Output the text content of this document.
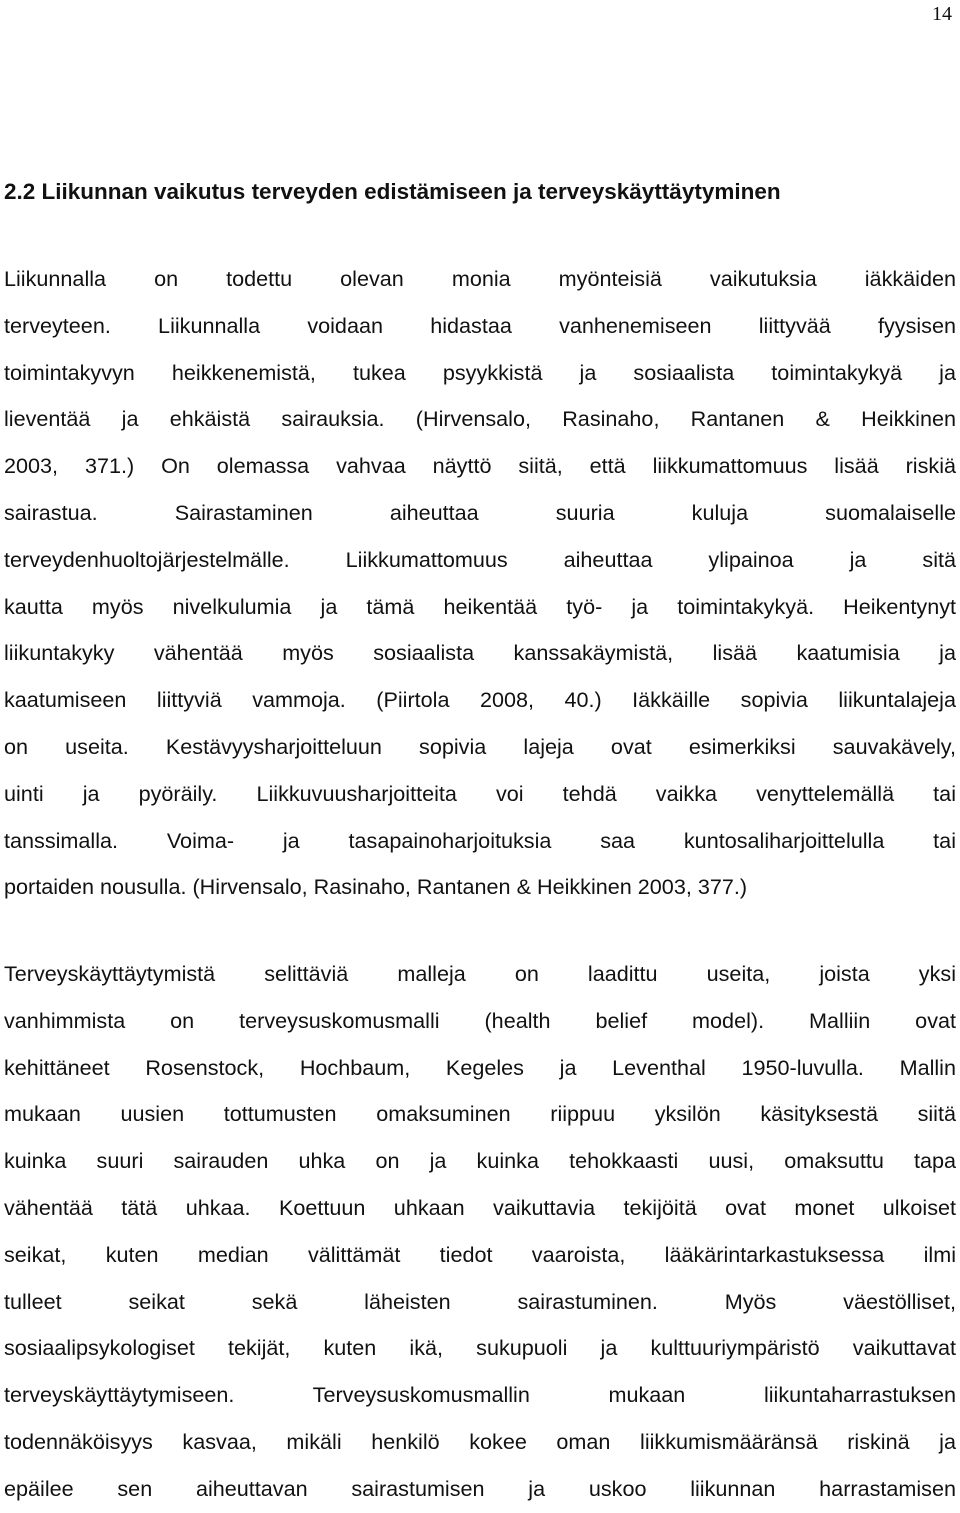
14
2.2 Liikunnan vaikutus terveyden edistämiseen ja terveyskäyttäytyminen
Liikunnalla on todettu olevan monia myönteisiä vaikutuksia iäkkäiden
terveyteen. Liikunnalla voidaan hidastaa vanhenemiseen liittyvää fyysisen
toimintakyvyn heikkenemistä, tukea psyykkistä ja sosiaalista toimintakykyä ja
lieventää ja ehkäistä sairauksia. (Hirvensalo, Rasinaho, Rantanen & Heikkinen
2003, 371.) On olemassa vahvaa näyttö siitä, että liikkumattomuus lisää riskiä
sairastua. Sairastaminen aiheuttaa suuria kuluja suomalaiselle
terveydenhuoltojärjestelmälle. Liikkumattomuus aiheuttaa ylipainoa ja sitä
kautta myös nivelkulumia ja tämä heikentää työ- ja toimintakykyä. Heikentynyt
liikuntakyky vähentää myös sosiaalista kanssakäymistä, lisää kaatumisia ja
kaatumiseen liittyviä vammoja. (Piirtola 2008, 40.) Iäkkäille sopivia liikuntalajeja
on useita. Kestävyysharjoitteluun sopivia lajeja ovat esimerkiksi sauvakävely,
uinti ja pyöräily. Liikkuvuusharjoitteita voi tehdä vaikka venyttelemällä tai
tanssimalla. Voima- ja tasapainoharjoituksia saa kuntosaliharjoittelulla tai
portaiden nousulla. (Hirvensalo, Rasinaho, Rantanen & Heikkinen 2003, 377.)
Terveyskäyttäytymistä selittäviä malleja on laadittu useita, joista yksi
vanhimmista on terveysuskomusmalli (health belief model). Malliin ovat
kehittäneet Rosenstock, Hochbaum, Kegeles ja Leventhal 1950-luvulla. Mallin
mukaan uusien tottumusten omaksuminen riippuu yksilön käsityksestä siitä
kuinka suuri sairauden uhka on ja kuinka tehokkaasti uusi, omaksuttu tapa
vähentää tätä uhkaa. Koettuun uhkaan vaikuttavia tekijöitä ovat monet ulkoiset
seikat, kuten median välittämät tiedot vaaroista, lääkärintarkastuksessa ilmi
tulleet seikat sekä läheisten sairastuminen. Myös väestölliset,
sosiaalipsykologiset tekijät, kuten ikä, sukupuoli ja kulttuuriympäristö vaikuttavat
terveyskäyttäytymiseen. Terveysuskomusmallin mukaan liikuntaharrastuksen
todennäköisyys kasvaa, mikäli henkilö kokee oman liikkumismääränsä riskinä ja
epäilee sen aiheuttavan sairastumisen ja uskoo liikunnan harrastamisen
